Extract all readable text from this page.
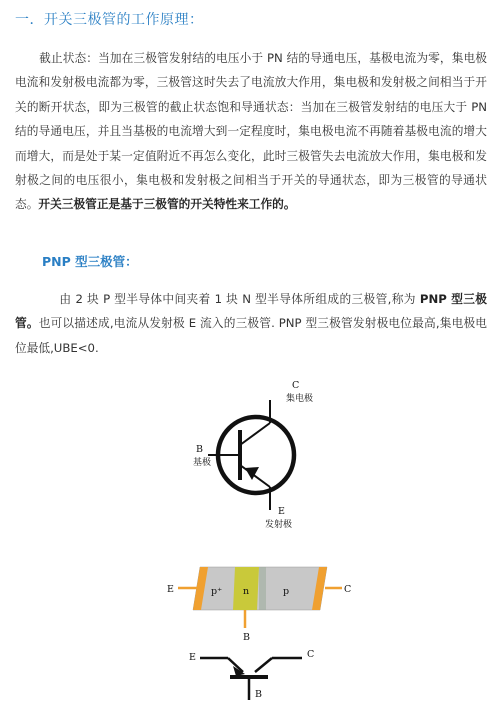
一．开关三极管的工作原理：
截止状态：当加在三极管发射结的电压小于 PN 结的导通电压，基极电流为零，集电极电流和发射极电流都为零，三极管这时失去了电流放大作用，集电极和发射极之间相当于开关的断开状态，即为三极管的截止状态饱和导通状态：当加在三极管发射结的电压大于 PN 结的导通电压，并且当基极的电流增大到一定程度时，集电极电流不再随着基极电流的增大而增大，而是处于某一定值附近不再怎么变化，此时三极管失去电流放大作用，集电极和发射极之间的电压很小，集电极和发射极之间相当于开关的导通状态，即为三极管的导通状态。开关三极管正是基于三极管的开关特性来工作的。
PNP 型三极管：
由 2 块 P 型半导体中间夹着 1 块 N 型半导体所组成的三极管,称为 PNP 型三极管。也可以描述成,电流从发射极 E 流入的三极管. PNP 型三极管发射极电位最高,集电极电位最低,UBE<0.
C
集电极
B
基极
E
发射极
E	C
B
p⁺ n	p
E	C
B
